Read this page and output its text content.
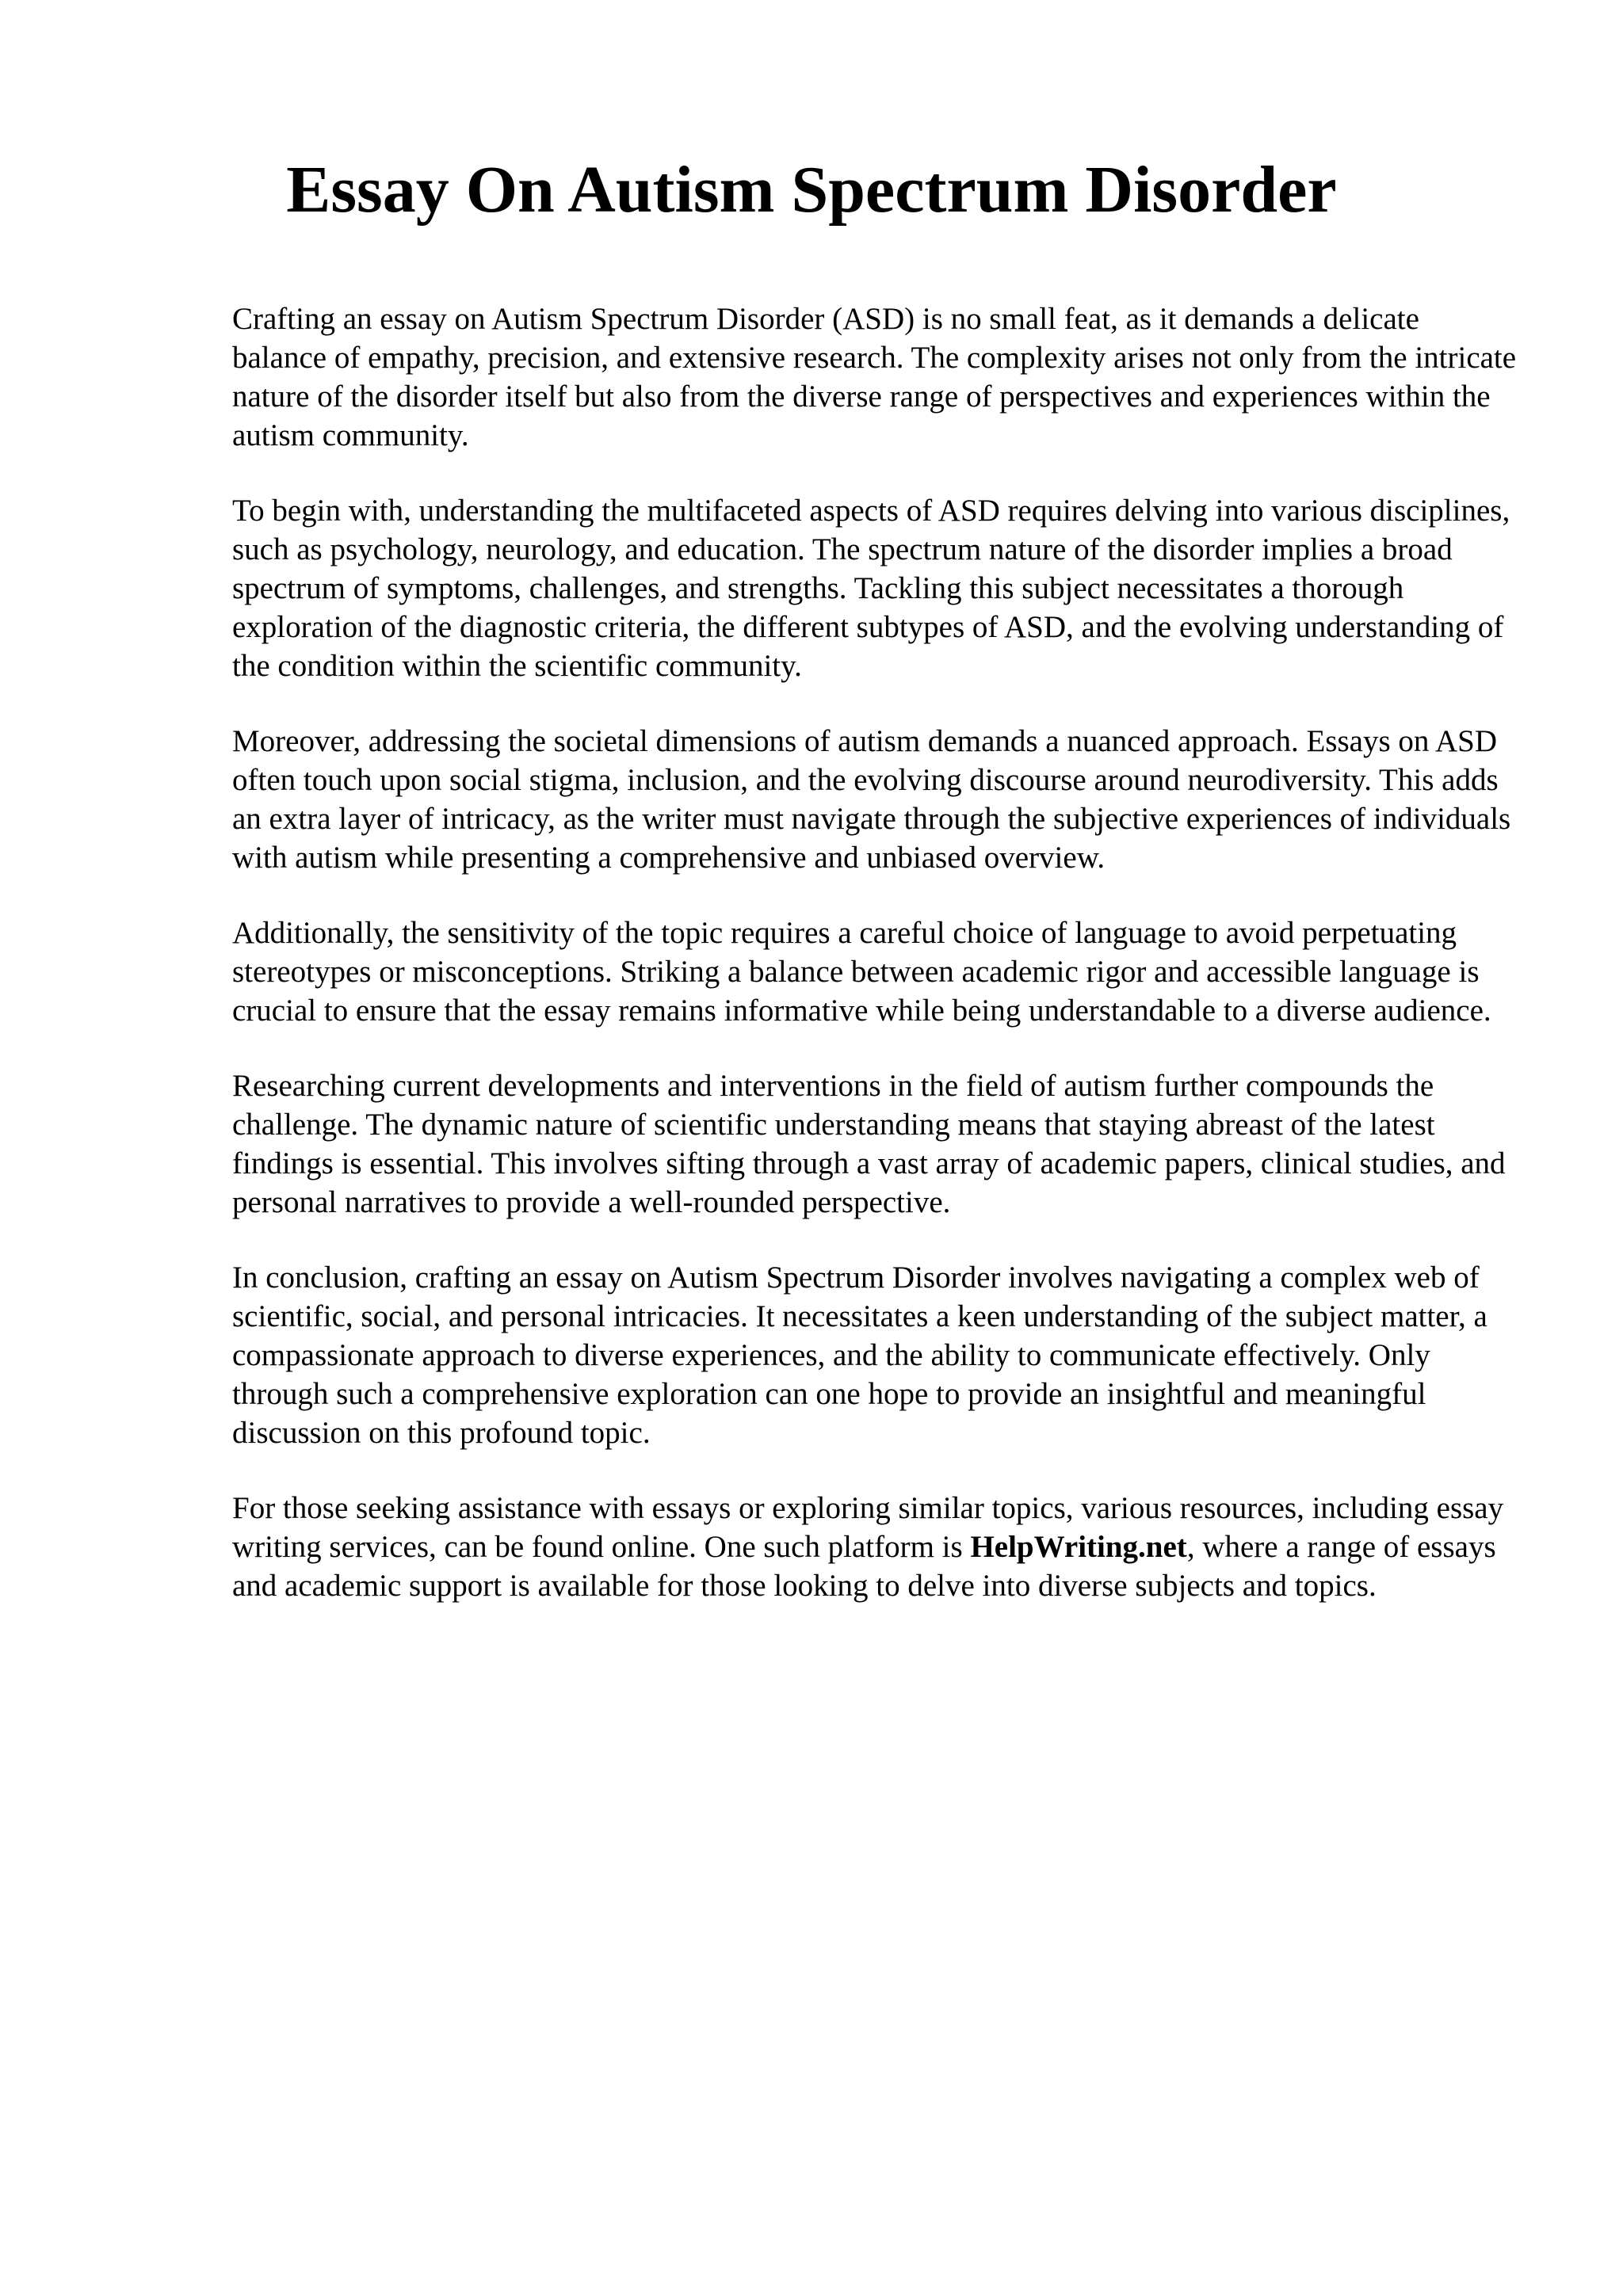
Essay On Autism Spectrum Disorder

Crafting an essay on Autism Spectrum Disorder (ASD) is no small feat, as it demands a delicate balance of empathy, precision, and extensive research. The complexity arises not only from the intricate nature of the disorder itself but also from the diverse range of perspectives and experiences within the autism community.

To begin with, understanding the multifaceted aspects of ASD requires delving into various disciplines, such as psychology, neurology, and education. The spectrum nature of the disorder implies a broad spectrum of symptoms, challenges, and strengths. Tackling this subject necessitates a thorough exploration of the diagnostic criteria, the different subtypes of ASD, and the evolving understanding of the condition within the scientific community.

Moreover, addressing the societal dimensions of autism demands a nuanced approach. Essays on ASD often touch upon social stigma, inclusion, and the evolving discourse around neurodiversity. This adds an extra layer of intricacy, as the writer must navigate through the subjective experiences of individuals with autism while presenting a comprehensive and unbiased overview.

Additionally, the sensitivity of the topic requires a careful choice of language to avoid perpetuating stereotypes or misconceptions. Striking a balance between academic rigor and accessible language is crucial to ensure that the essay remains informative while being understandable to a diverse audience.

Researching current developments and interventions in the field of autism further compounds the challenge. The dynamic nature of scientific understanding means that staying abreast of the latest findings is essential. This involves sifting through a vast array of academic papers, clinical studies, and personal narratives to provide a well-rounded perspective.

In conclusion, crafting an essay on Autism Spectrum Disorder involves navigating a complex web of scientific, social, and personal intricacies. It necessitates a keen understanding of the subject matter, a compassionate approach to diverse experiences, and the ability to communicate effectively. Only through such a comprehensive exploration can one hope to provide an insightful and meaningful discussion on this profound topic.

For those seeking assistance with essays or exploring similar topics, various resources, including essay writing services, can be found online. One such platform is HelpWriting.net, where a range of essays and academic support is available for those looking to delve into diverse subjects and topics.
